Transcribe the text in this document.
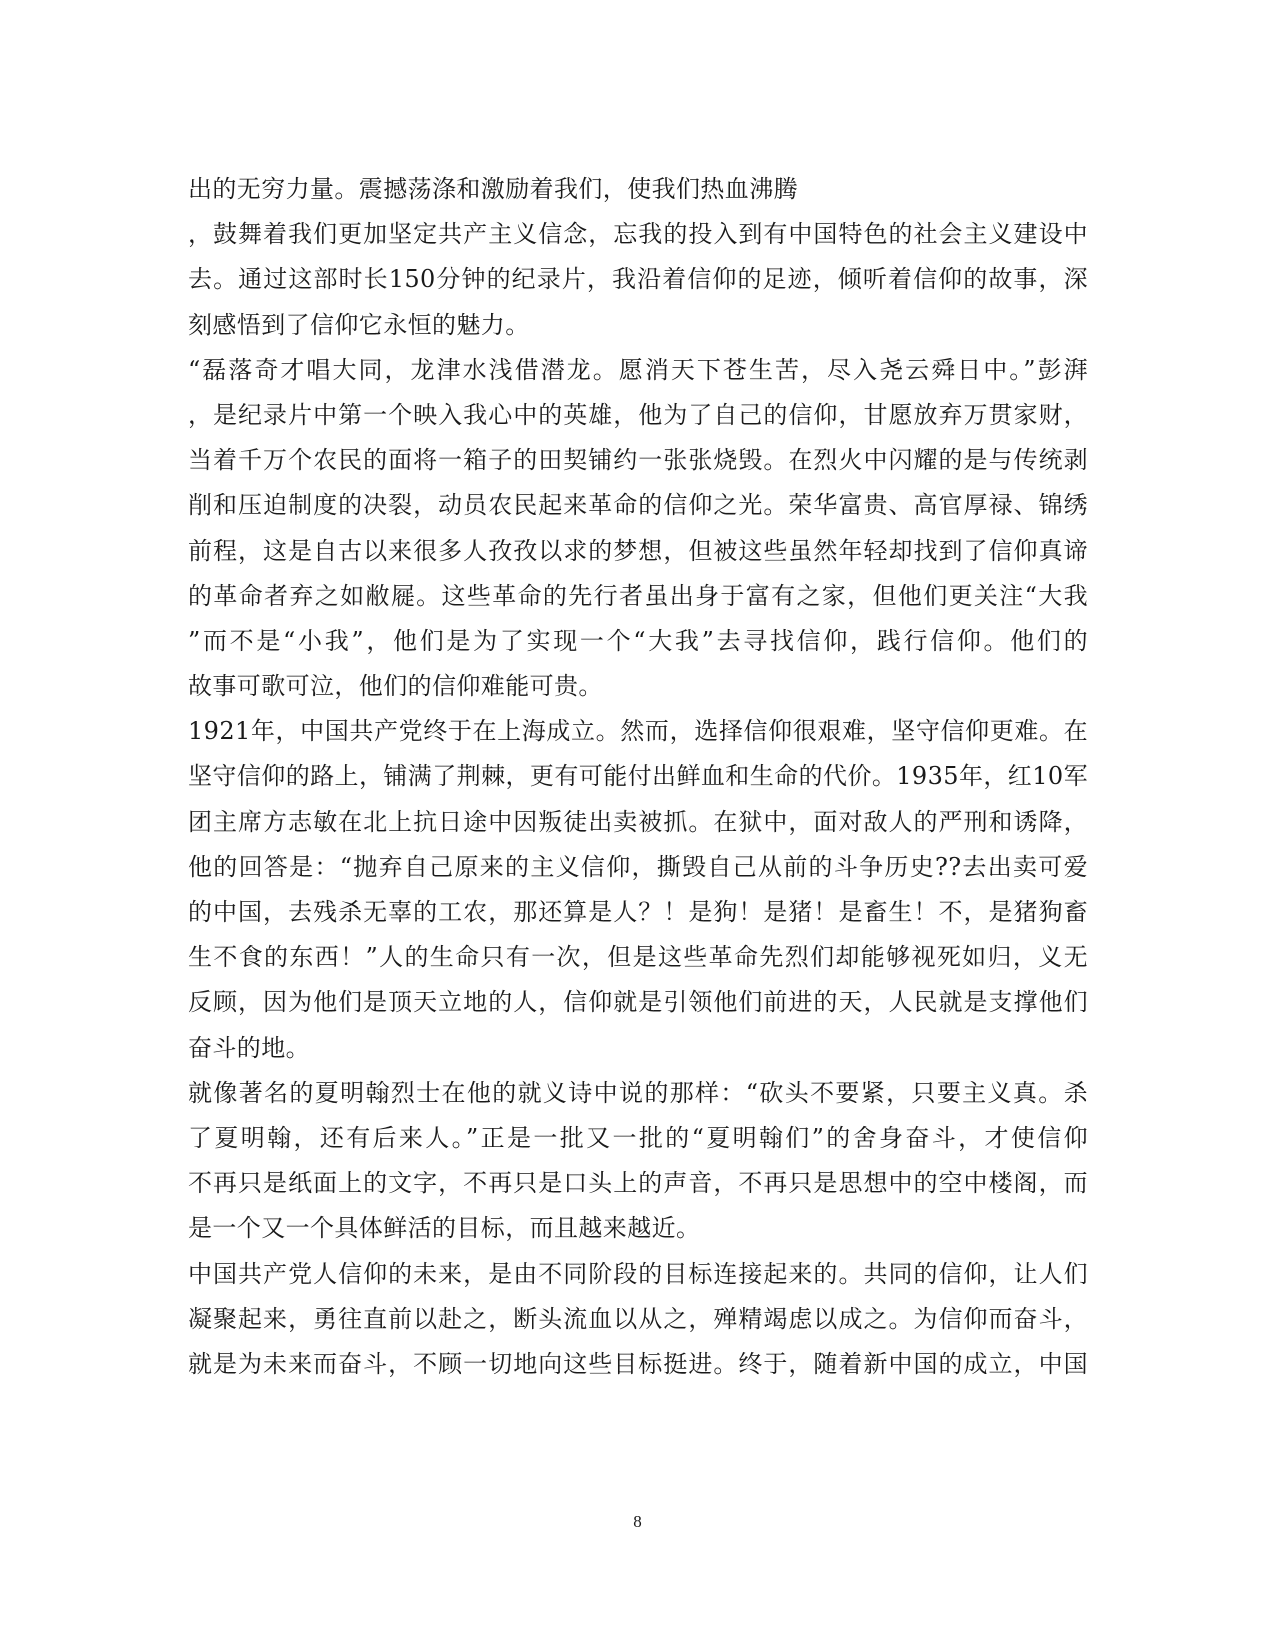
出的无穷力量。震撼荡涤和激励着我们，使我们热血沸腾
，鼓舞着我们更加坚定共产主义信念，忘我的投入到有中国特色的社会主义建设中
去。通过这部时长150分钟的纪录片，我沿着信仰的足迹，倾听着信仰的故事，深
刻感悟到了信仰它永恒的魅力。
“磊落奇才唱大同，龙津水浅借潜龙。愿消天下苍生苦，尽入尧云舜日中。”彭湃
，是纪录片中第一个映入我心中的英雄，他为了自己的信仰，甘愿放弃万贯家财，
当着千万个农民的面将一箱子的田契铺约一张张烧毁。在烈火中闪耀的是与传统剥
削和压迫制度的决裂，动员农民起来革命的信仰之光。荣华富贵、高官厚禄、锦绣
前程，这是自古以来很多人孜孜以求的梦想，但被这些虽然年轻却找到了信仰真谛
的革命者弃之如敝屣。这些革命的先行者虽出身于富有之家，但他们更关注“大我
”而不是“小我”，他们是为了实现一个“大我”去寻找信仰，践行信仰。他们的
故事可歌可泣，他们的信仰难能可贵。
1921年，中国共产党终于在上海成立。然而，选择信仰很艰难，坚守信仰更难。在
坚守信仰的路上，铺满了荆棘，更有可能付出鲜血和生命的代价。1935年，红10军
团主席方志敏在北上抗日途中因叛徒出卖被抓。在狱中，面对敌人的严刑和诱降，
他的回答是：“抛弃自己原来的主义信仰，撕毁自己从前的斗争历史??去出卖可爱
的中国，去残杀无辜的工农，那还算是人？！是狗！是猪！是畜生！不，是猪狗畜
生不食的东西！”人的生命只有一次，但是这些革命先烈们却能够视死如归，义无
反顾，因为他们是顶天立地的人，信仰就是引领他们前进的天，人民就是支撑他们
奋斗的地。
就像著名的夏明翰烈士在他的就义诗中说的那样：“砍头不要紧，只要主义真。杀
了夏明翰，还有后来人。”正是一批又一批的“夏明翰们”的舍身奋斗，才使信仰
不再只是纸面上的文字，不再只是口头上的声音，不再只是思想中的空中楼阁，而
是一个又一个具体鲜活的目标，而且越来越近。
中国共产党人信仰的未来，是由不同阶段的目标连接起来的。共同的信仰，让人们
凝聚起来，勇往直前以赴之，断头流血以从之，殚精竭虑以成之。为信仰而奋斗，
就是为未来而奋斗，不顾一切地向这些目标挺进。终于，随着新中国的成立，中国
8
